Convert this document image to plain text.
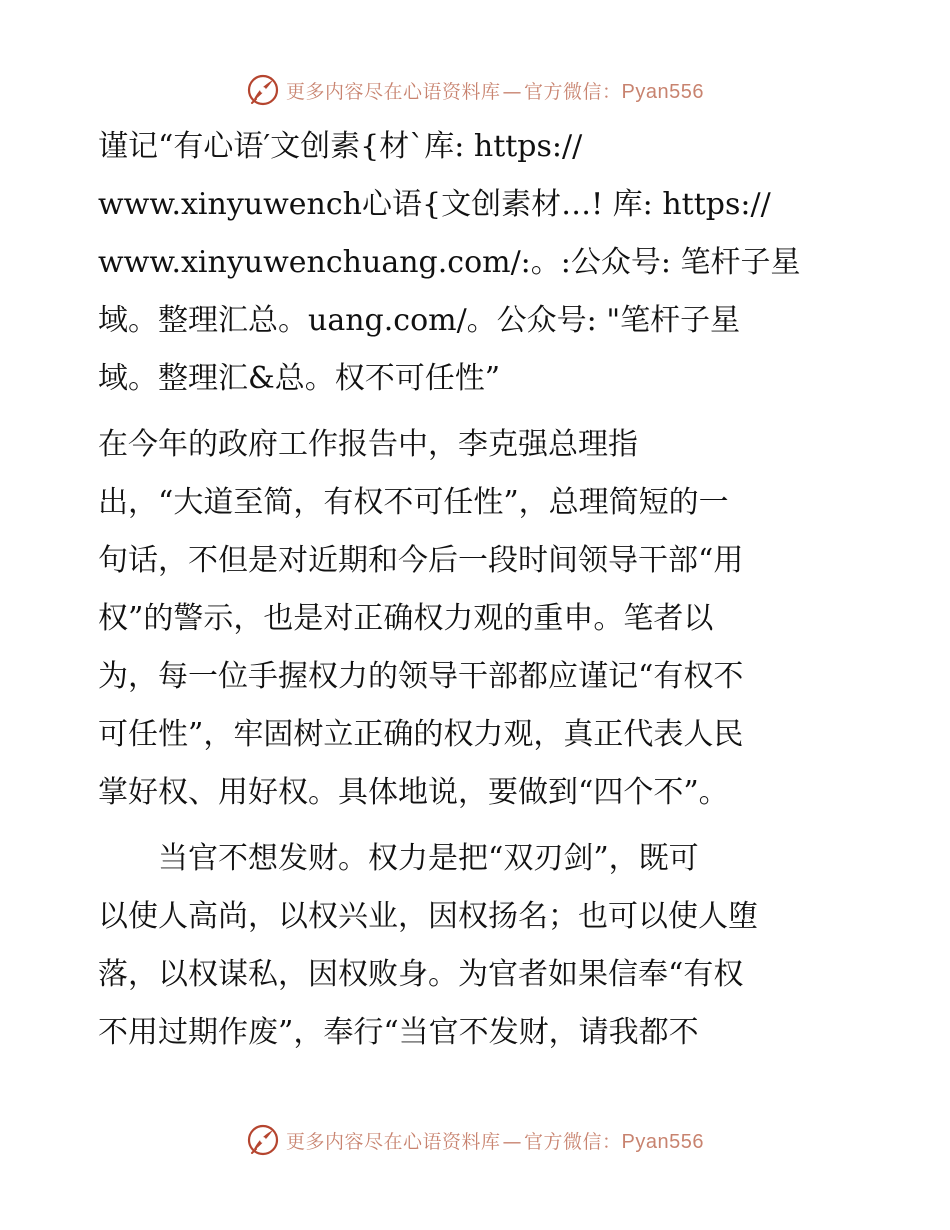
更多内容尽在心语资料库 — 官方微信：Pyan556

谨记“有心语′文创素{材`库: https://
www.xinyuwench心语{文创素材…! 库: https://
www.xinyuwenchuang.com/:。:公众号: 笔杆子星
域。整理汇总。uang.com/。公众号: "笔杆子星
域。整理汇&总。权不可任性”

在今年的政府工作报告中，李克强总理指
出，“大道至简，有权不可任性”，总理简短的一
句话，不但是对近期和今后一段时间领导干部“用
权”的警示，也是对正确权力观的重申。笔者以
为，每一位手握权力的领导干部都应谨记“有权不
可任性”，牢固树立正确的权力观，真正代表人民
掌好权、用好权。具体地说，要做到“四个不”。

　　当官不想发财。权力是把“双刃剑”，既可
以使人高尚，以权兴业，因权扬名；也可以使人堕
落，以权谋私，因权败身。为官者如果信奉“有权
不用过期作废”，奉行“当官不发财，请我都不

更多内容尽在心语资料库 — 官方微信：Pyan556
